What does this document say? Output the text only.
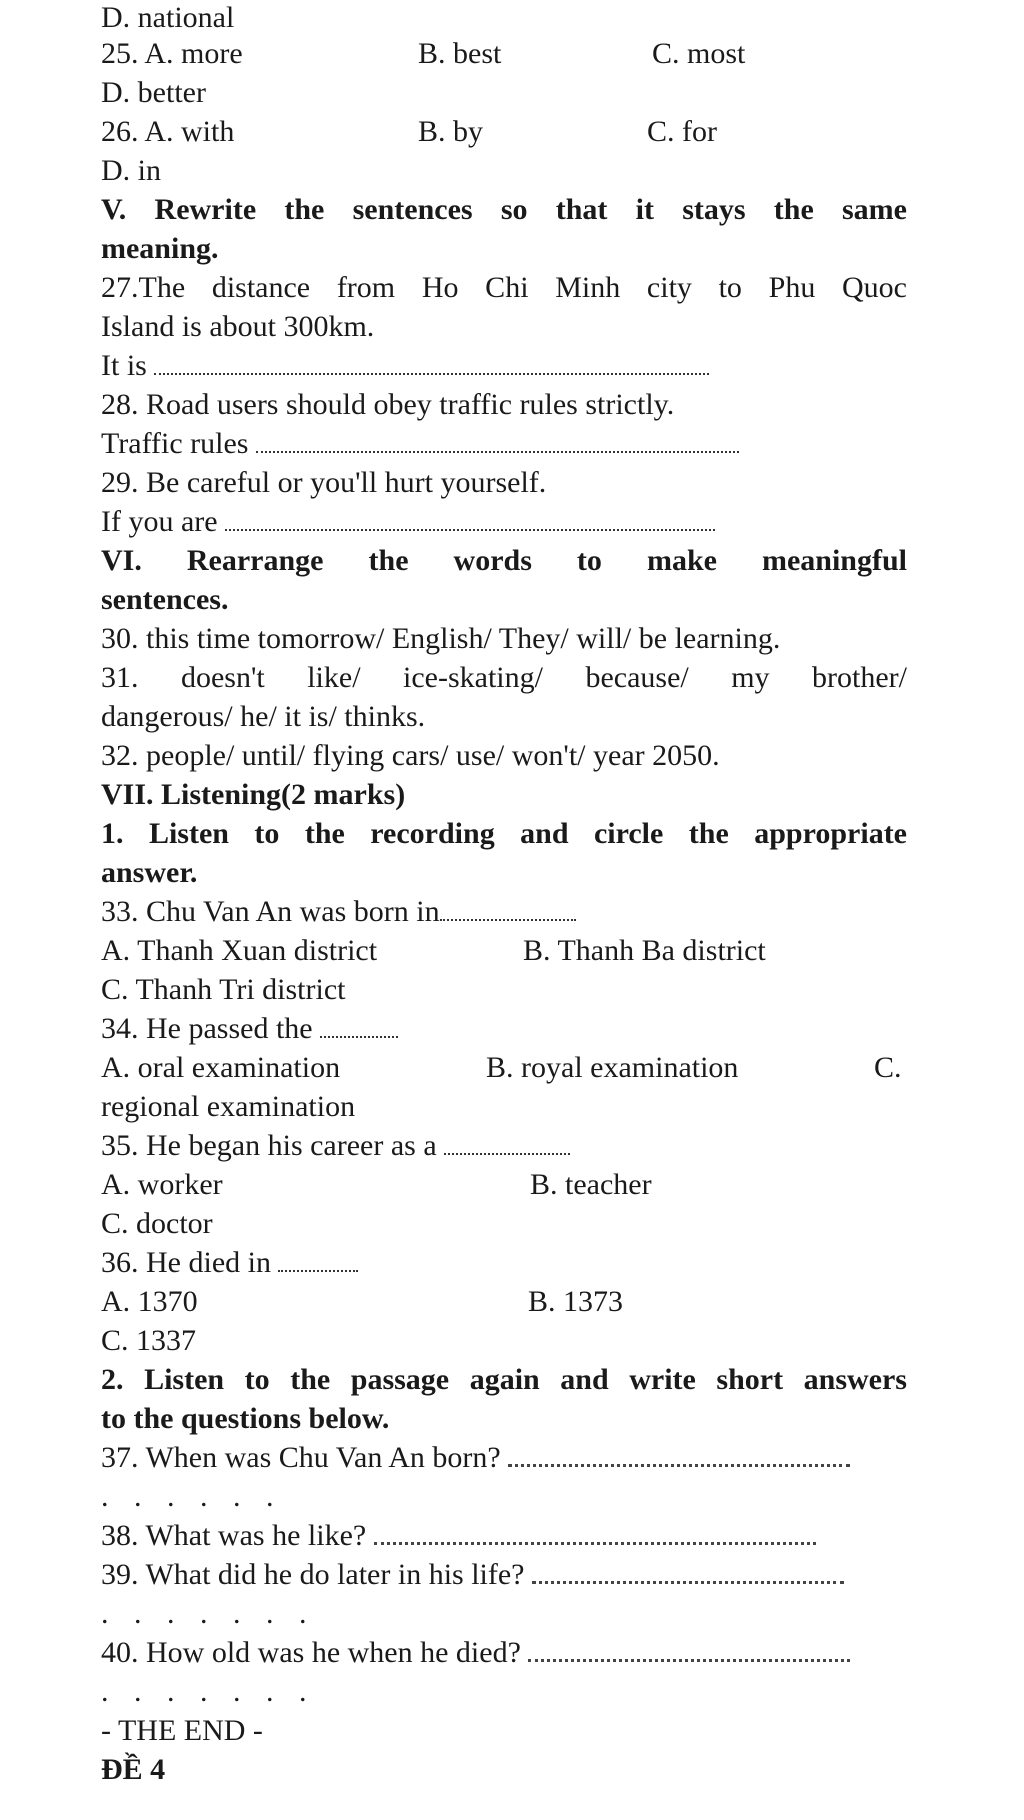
D. national
25. A. more	B. best	C. most
D. better
26. A. with	B. by	C. for
D. in
V. Rewrite the sentences so that it stays the same
meaning.
27.The distance from Ho Chi Minh city to Phu Quoc
Island is about 300km.
It is
28. Road users should obey traffic rules strictly.
Traffic rules
29. Be careful or you'll hurt yourself.
If you are
VI. Rearrange the words to make meaningful
sentences.
30. this time tomorrow/ English/ They/ will/ be learning.
31. doesn't like/ ice-skating/ because/ my brother/
dangerous/ he/ it is/ thinks.
32. people/ until/ flying cars/ use/ won't/ year 2050.
VII. Listening(2 marks)
1. Listen to the recording and circle the appropriate
answer.
33. Chu Van An was born in
A. Thanh Xuan district	B. Thanh Ba district
C. Thanh Tri district
34. He passed the
A. oral examination	B. royal examination	C.
regional examination
35. He began his career as a
A. worker	B. teacher
C. doctor
36. He died in
A. 1370	B. 1373
C. 1337
2. Listen to the passage again and write short answers
to the questions below.
37. When was Chu Van An born?
. . . . . .
38. What was he like?
39. What did he do later in his life?
. . . . . . .
40. How old was he when he died?
. . . . . . .
- THE END -
ĐỀ 4
